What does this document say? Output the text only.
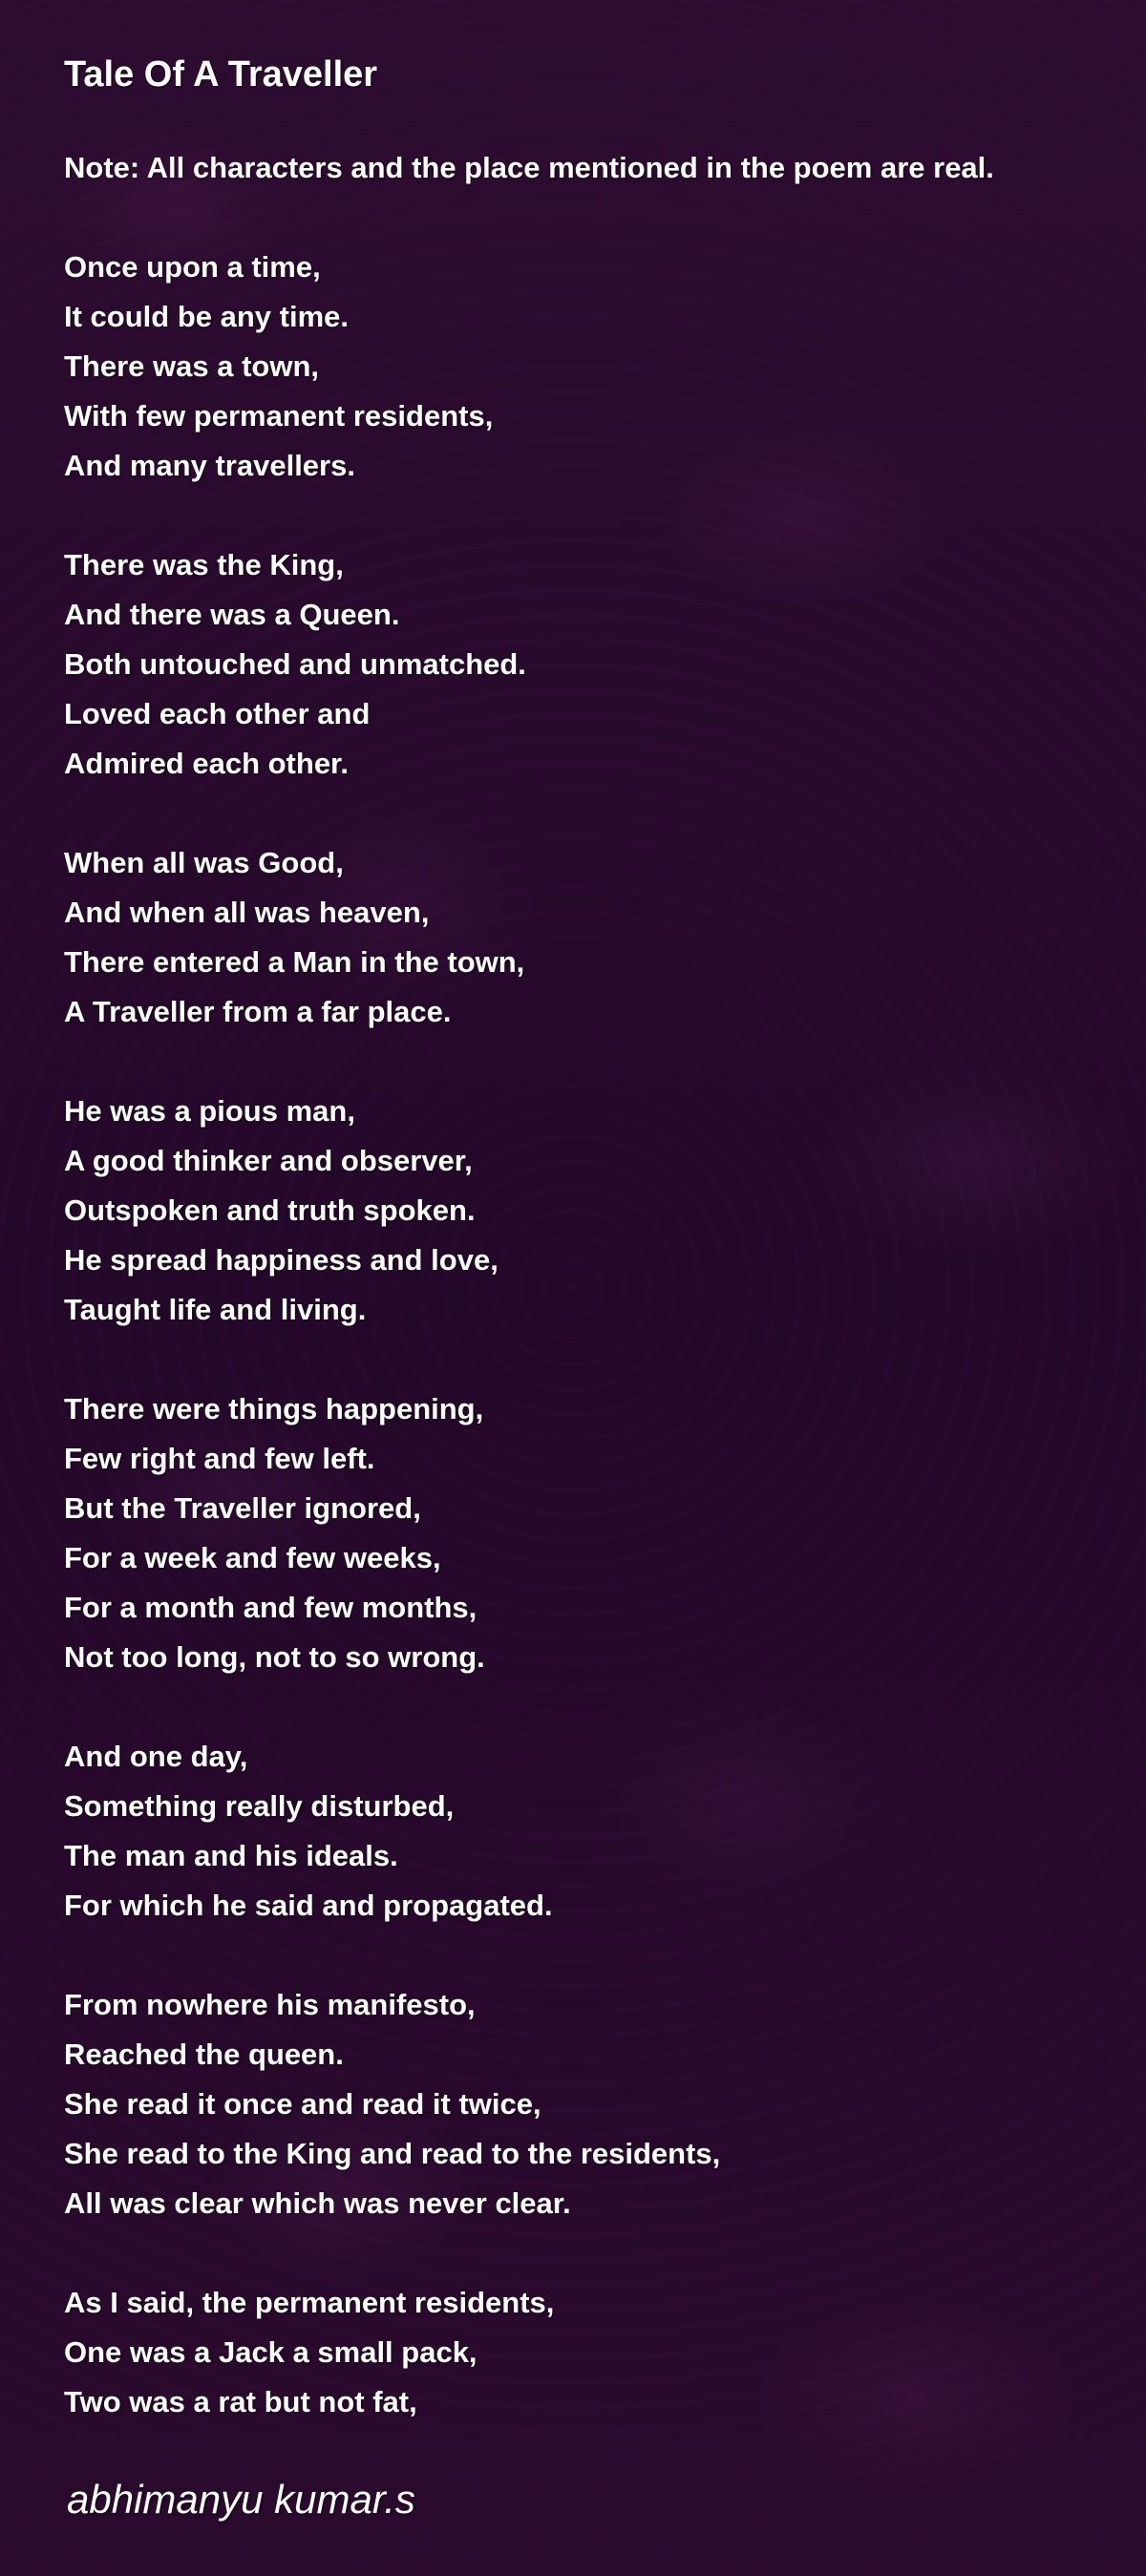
Tale Of A Traveller
Note: All characters and the place mentioned in the poem are real.
Once upon a time,
It could be any time.
There was a town,
With few permanent residents,
And many travellers.
There was the King,
And there was a Queen.
Both untouched and unmatched.
Loved each other and
Admired each other.
When all was Good,
And when all was heaven,
There entered a Man in the town,
A Traveller from a far place.
He was a pious man,
A good thinker and observer,
Outspoken and truth spoken.
He spread happiness and love,
Taught life and living.
There were things happening,
Few right and few left.
But the Traveller ignored,
For a week and few weeks,
For a month and few months,
Not too long, not to so wrong.
And one day,
Something really disturbed,
The man and his ideals.
For which he said and propagated.
From nowhere his manifesto,
Reached the queen.
She read it once and read it twice,
She read to the King and read to the residents,
All was clear which was never clear.
As I said, the permanent residents,
One was a Jack a small pack,
Two was a rat but not fat,
abhimanyu kumar.s
